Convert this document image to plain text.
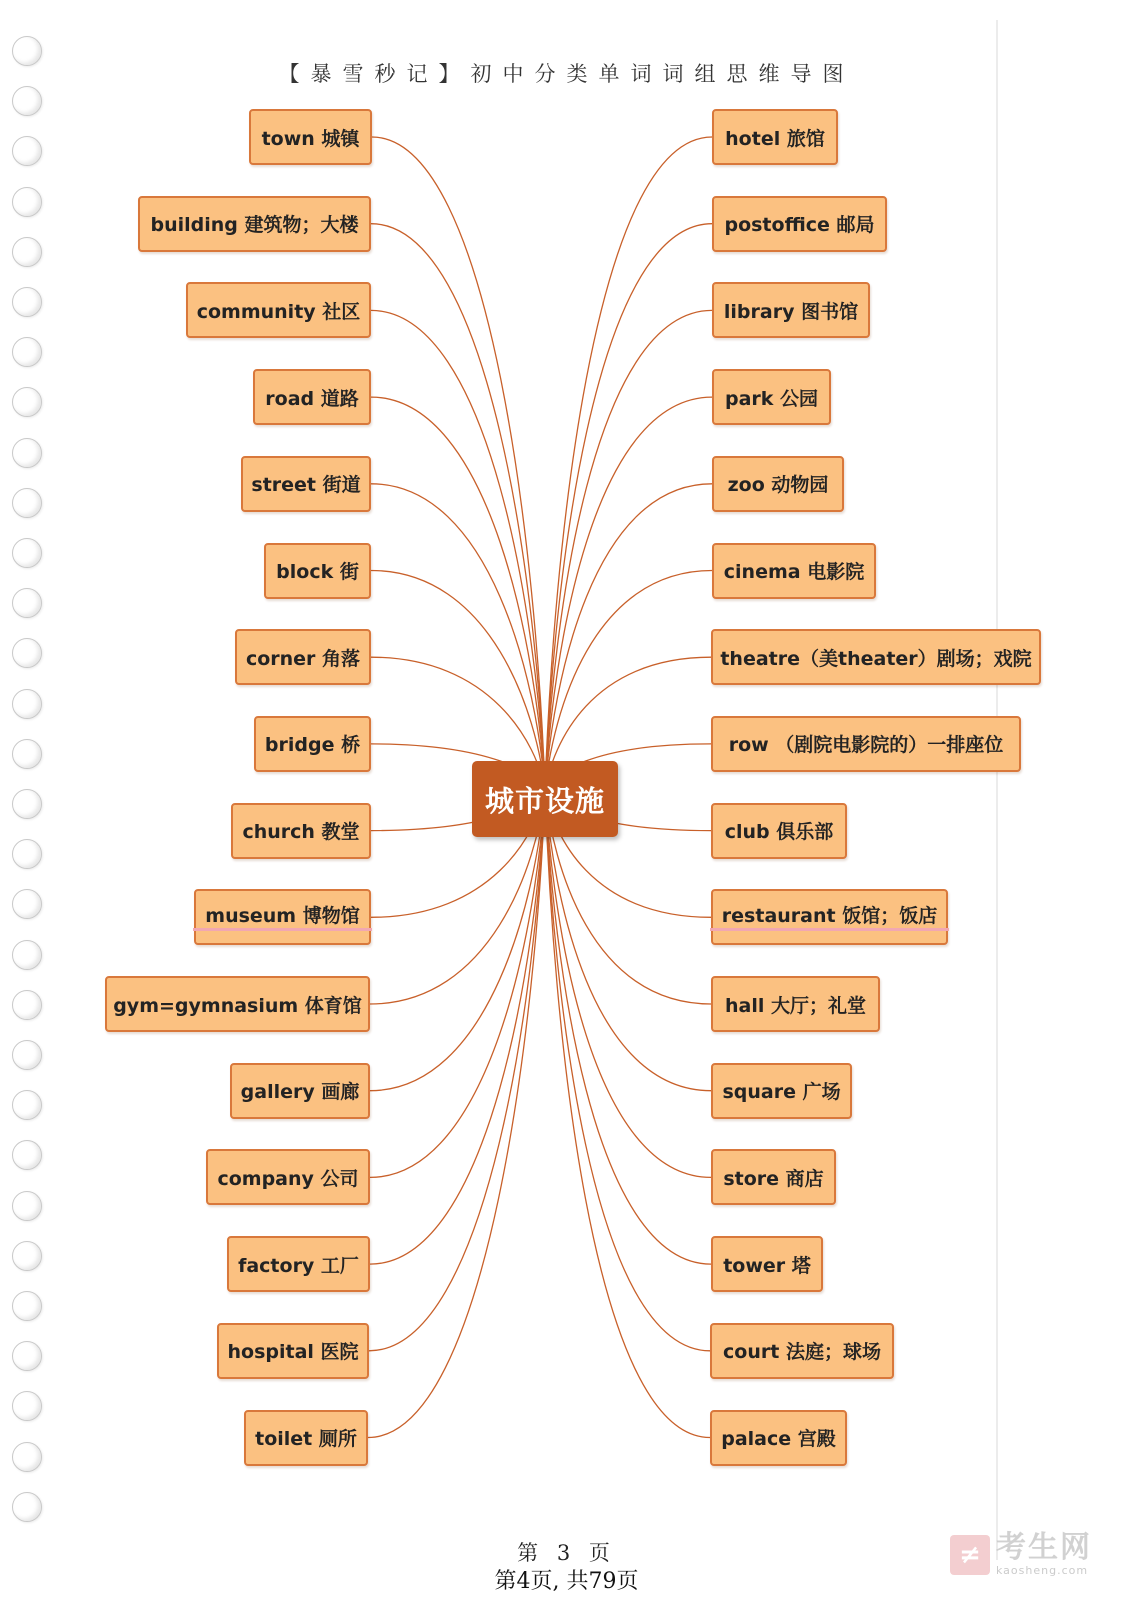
【暴雪秒记】初中分类单词词组思维导图
town 城镇
building 建筑物；大楼
community 社区
road 道路
street 街道
block 街
corner 角落
bridge 桥
church 教堂
museum 博物馆
gym=gymnasium 体育馆
gallery 画廊
company 公司
factory 工厂
hospital 医院
toilet 厕所
hotel 旅馆
postoffice 邮局
library 图书馆
park 公园
zoo 动物园
cinema 电影院
theatre（美theater）剧场；戏院
row （剧院电影院的）一排座位
club 俱乐部
restaurant 饭馆；饭店
hall 大厅；礼堂
square 广场
store 商店
tower 塔
court 法庭；球场
palace 宫殿
城市设施
第 3 页
第4页, 共79页
≠ 考生网
kaosheng.com
